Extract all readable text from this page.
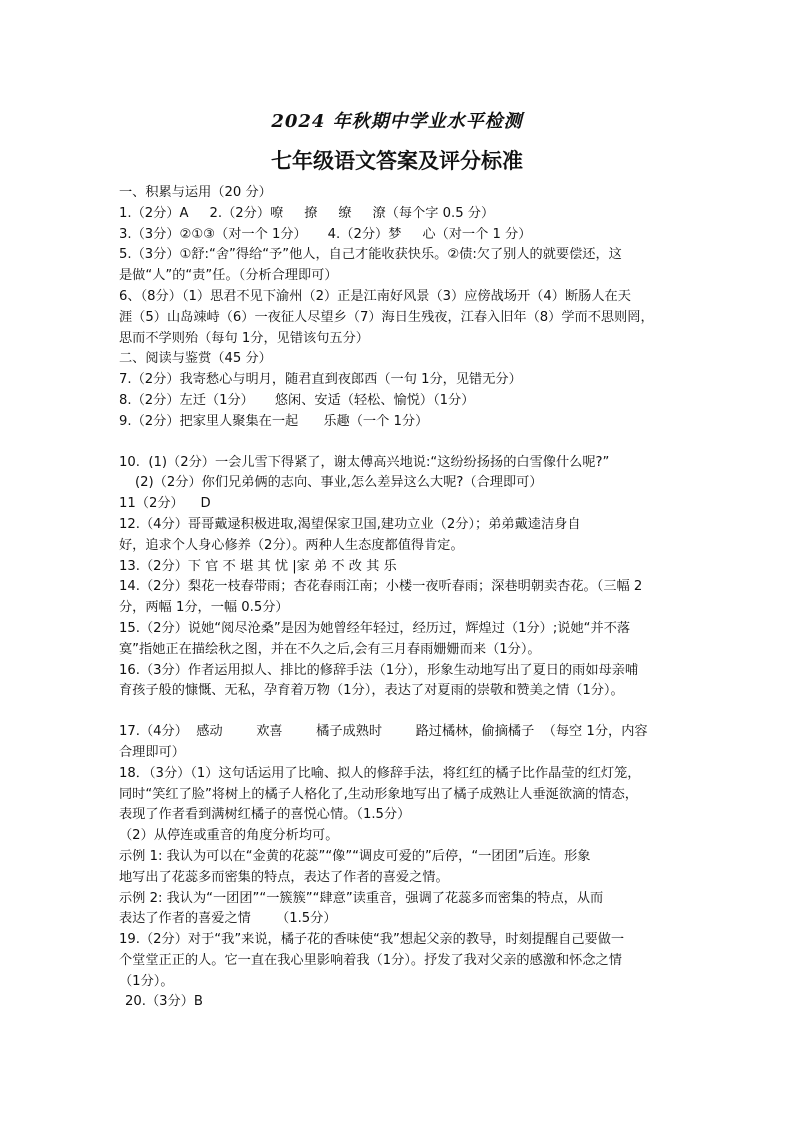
2024 年秋期中学业水平检测
七年级语文答案及评分标准
一、积累与运用（20 分）
1.（2分）A     2.（2分）嘹     撩     缭     潦（每个字 0.5 分）
3.（3分）②①③（对一个 1分）     4.（2分）梦     心（对一个 1 分）
5.（3分）①舒:“舍”得给“予”他人，自己才能收获快乐。②债:欠了别人的就要偿还，这
是做“人”的“责”任。（分析合理即可）
6、（8分）（1）思君不见下渝州（2）正是江南好风景（3）应傍战场开（4）断肠人在天
涯（5）山岛竦峙（6）一夜征人尽望乡（7）海日生残夜，江春入旧年（8）学而不思则罔，
思而不学则殆（每句 1分，见错该句五分）
二、阅读与鉴赏（45 分）
7.（2分）我寄愁心与明月，随君直到夜郎西（一句 1分，见错无分）
8.（2分）左迁（1分）     悠闲、安适（轻松、愉悦）（1分）
9.（2分）把家里人聚集在一起      乐趣（一个 1分）
10.  (1)（2分）一会儿雪下得紧了，谢太傅高兴地说:“这纷纷扬扬的白雪像什么呢?”
(2)（2分）你们兄弟俩的志向、事业,怎么差异这么大呢?（合理即可）
11（2分）    D
12.（4分）哥哥戴逯积极进取,渴望保家卫国,建功立业（2分）；弟弟戴逵洁身自
好，追求个人身心修养（2分）。两种人生态度都值得肯定。
13.（2分）下 官 不 堪 其 忧 |家 弟 不 改 其 乐
14.（2分）梨花一枝春带雨；杏花春雨江南；小楼一夜听春雨；深巷明朝卖杏花。（三幅 2
分，两幅 1分，一幅 0.5分）
15.（2分）说她“阅尽沧桑”是因为她曾经年轻过，经历过，辉煌过（1分）;说她“并不落
寞”指她正在描绘秋之图，并在不久之后,会有三月春雨姗姗而来（1分）。
16.（3分）作者运用拟人、排比的修辞手法（1分），形象生动地写出了夏日的雨如母亲哺
育孩子般的慷慨、无私，孕育着万物（1分），表达了对夏雨的崇敬和赞美之情（1分）。
17.（4分）  感动        欢喜        橘子成熟时        路过橘林，偷摘橘子  （每空 1分，内容
合理即可）
18．（3分）（1）这句话运用了比喻、拟人的修辞手法，将红红的橘子比作晶莹的红灯笼，
同时“笑红了脸”将树上的橘子人格化了,生动形象地写出了橘子成熟让人垂涎欲滴的情态，
表现了作者看到满树红橘子的喜悦心情。（1.5分）
（2）从停连或重音的角度分析均可。
示例 1: 我认为可以在“金黄的花蕊”“像”“调皮可爱的”后停，“一团团”后连。形象
地写出了花蕊多而密集的特点，表达了作者的喜爱之情。
示例 2: 我认为“一团团”“一簇簇”“肆意”读重音，强调了花蕊多而密集的特点，从而
表达了作者的喜爱之情      （1.5分）
19.（2分）对于“我”来说，橘子花的香味使“我”想起父亲的教导，时刻提醒自己要做一
个堂堂正正的人。它一直在我心里影响着我（1分）。抒发了我对父亲的感激和怀念之情
（1分）。
20.（3分）B
